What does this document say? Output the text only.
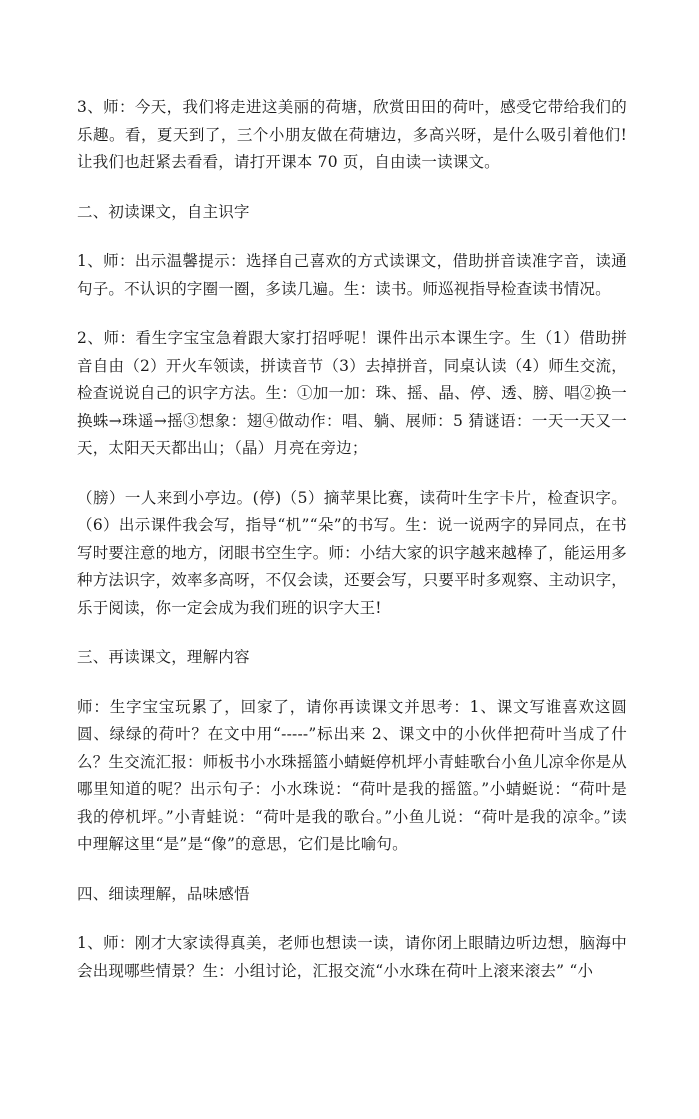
3、师：今天，我们将走进这美丽的荷塘，欣赏田田的荷叶，感受它带给我们的乐趣。看，夏天到了，三个小朋友做在荷塘边，多高兴呀，是什么吸引着他们!让我们也赶紧去看看，请打开课本 70 页，自由读一读课文。

二、初读课文，自主识字

1、师：出示温馨提示：选择自己喜欢的方式读课文，借助拼音读准字音，读通句子。不认识的字圈一圈，多读几遍。生：读书。师巡视指导检查读书情况。

2、师：看生字宝宝急着跟大家打招呼呢！课件出示本课生字。生（1）借助拼音自由（2）开火车领读，拼读音节（3）去掉拼音，同桌认读（4）师生交流，检查说说自己的识字方法。生：①加一加：珠、摇、晶、停、透、膀、唱②换一换蛛→珠遥→摇③想象：翅④做动作：唱、躺、展师：5 猜谜语：一天一天又一天，太阳天天都出山；（晶）月亮在旁边；

（膀）一人来到小亭边。(停)（5）摘苹果比赛，读荷叶生字卡片，检查识字。（6）出示课件我会写，指导“机”“朵”的书写。生：说一说两字的异同点，在书写时要注意的地方，闭眼书空生字。师：小结大家的识字越来越棒了，能运用多种方法识字，效率多高呀，不仅会读，还要会写，只要平时多观察、主动识字，乐于阅读，你一定会成为我们班的识字大王!

三、再读课文，理解内容

师：生字宝宝玩累了，回家了，请你再读课文并思考：1、课文写谁喜欢这圆圆、绿绿的荷叶？在文中用“-----”标出来 2、课文中的小伙伴把荷叶当成了什么？生交流汇报：师板书小水珠摇篮小蜻蜓停机坪小青蛙歌台小鱼儿凉伞你是从哪里知道的呢？出示句子：小水珠说：“荷叶是我的摇篮。”小蜻蜓说：“荷叶是我的停机坪。”小青蛙说：“荷叶是我的歌台。”小鱼儿说：“荷叶是我的凉伞。”读中理解这里“是”是“像”的意思，它们是比喻句。

四、细读理解，品味感悟

1、师：刚才大家读得真美，老师也想读一读，请你闭上眼睛边听边想，脑海中会出现哪些情景？生：小组讨论，汇报交流“小水珠在荷叶上滚来滚去” “小
